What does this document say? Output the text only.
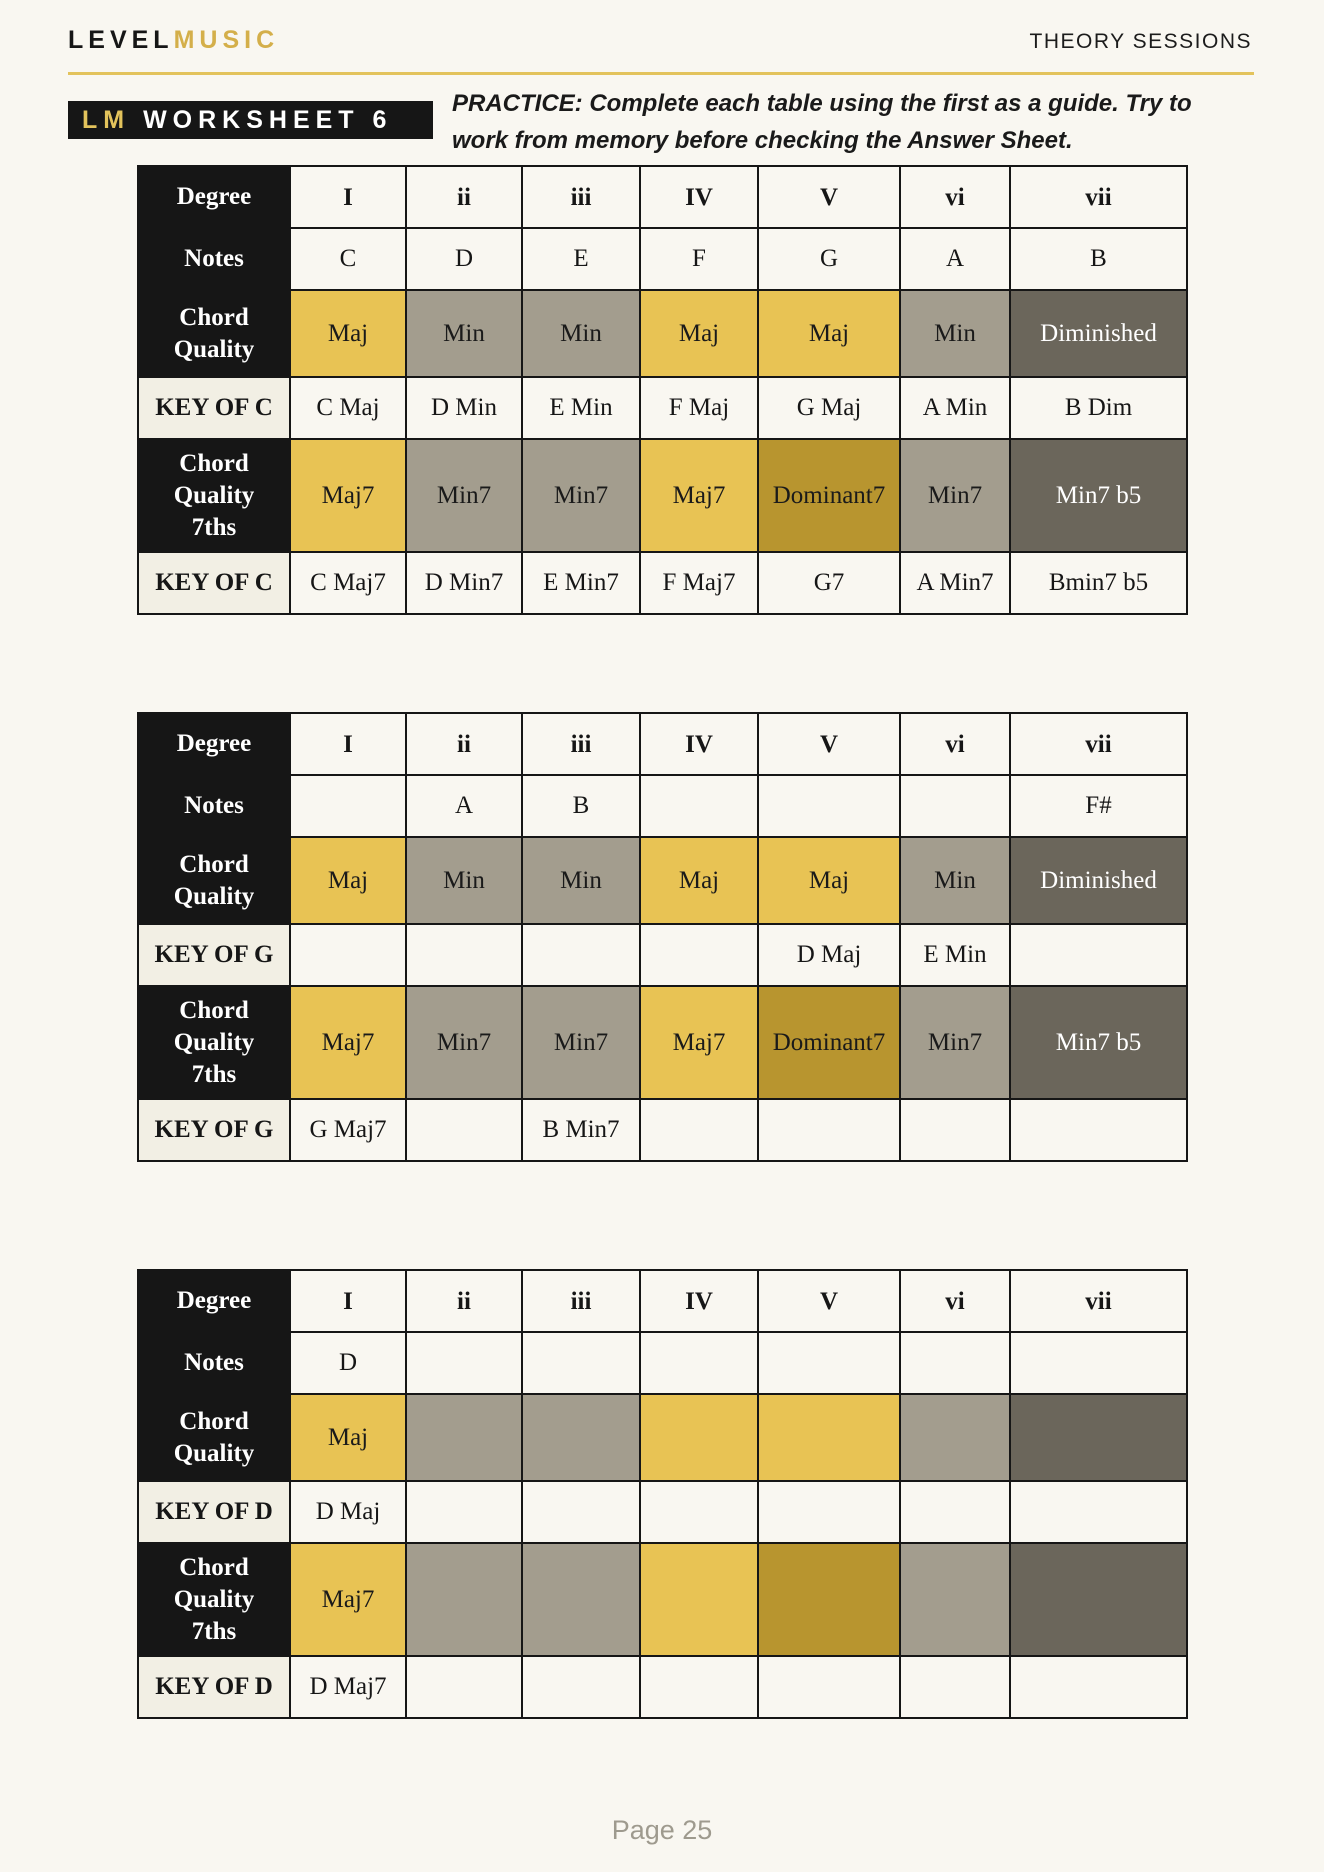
LEVELMUSIC	THEORY SESSIONS
LM WORKSHEET 6
PRACTICE: Complete each table using the first as a guide. Try to work from memory before checking the Answer Sheet.
Degree	I	ii	iii	IV	V	vi	vii
Notes	C	D	E	F	G	A	B
Chord
Quality	Maj	Min	Min	Maj	Maj	Min	Diminished
KEY OF C	C Maj	D Min	E Min	F Maj	G Maj	A Min	B Dim
Chord
Quality
7ths	Maj7	Min7	Min7	Maj7	Dominant7	Min7	Min7 b5
KEY OF C	C Maj7	D Min7	E Min7	F Maj7	G7	A Min7	Bmin7 b5
Degree	I	ii	iii	IV	V	vi	vii
Notes		A	B				F#
Chord
Quality	Maj	Min	Min	Maj	Maj	Min	Diminished
KEY OF G					D Maj	E Min	
Chord
Quality
7ths	Maj7	Min7	Min7	Maj7	Dominant7	Min7	Min7 b5
KEY OF G	G Maj7		B Min7				
Degree	I	ii	iii	IV	V	vi	vii
Notes	D						
Chord
Quality	Maj						
KEY OF D	D Maj						
Chord
Quality
7ths	Maj7						
KEY OF D	D Maj7						
Page 25
